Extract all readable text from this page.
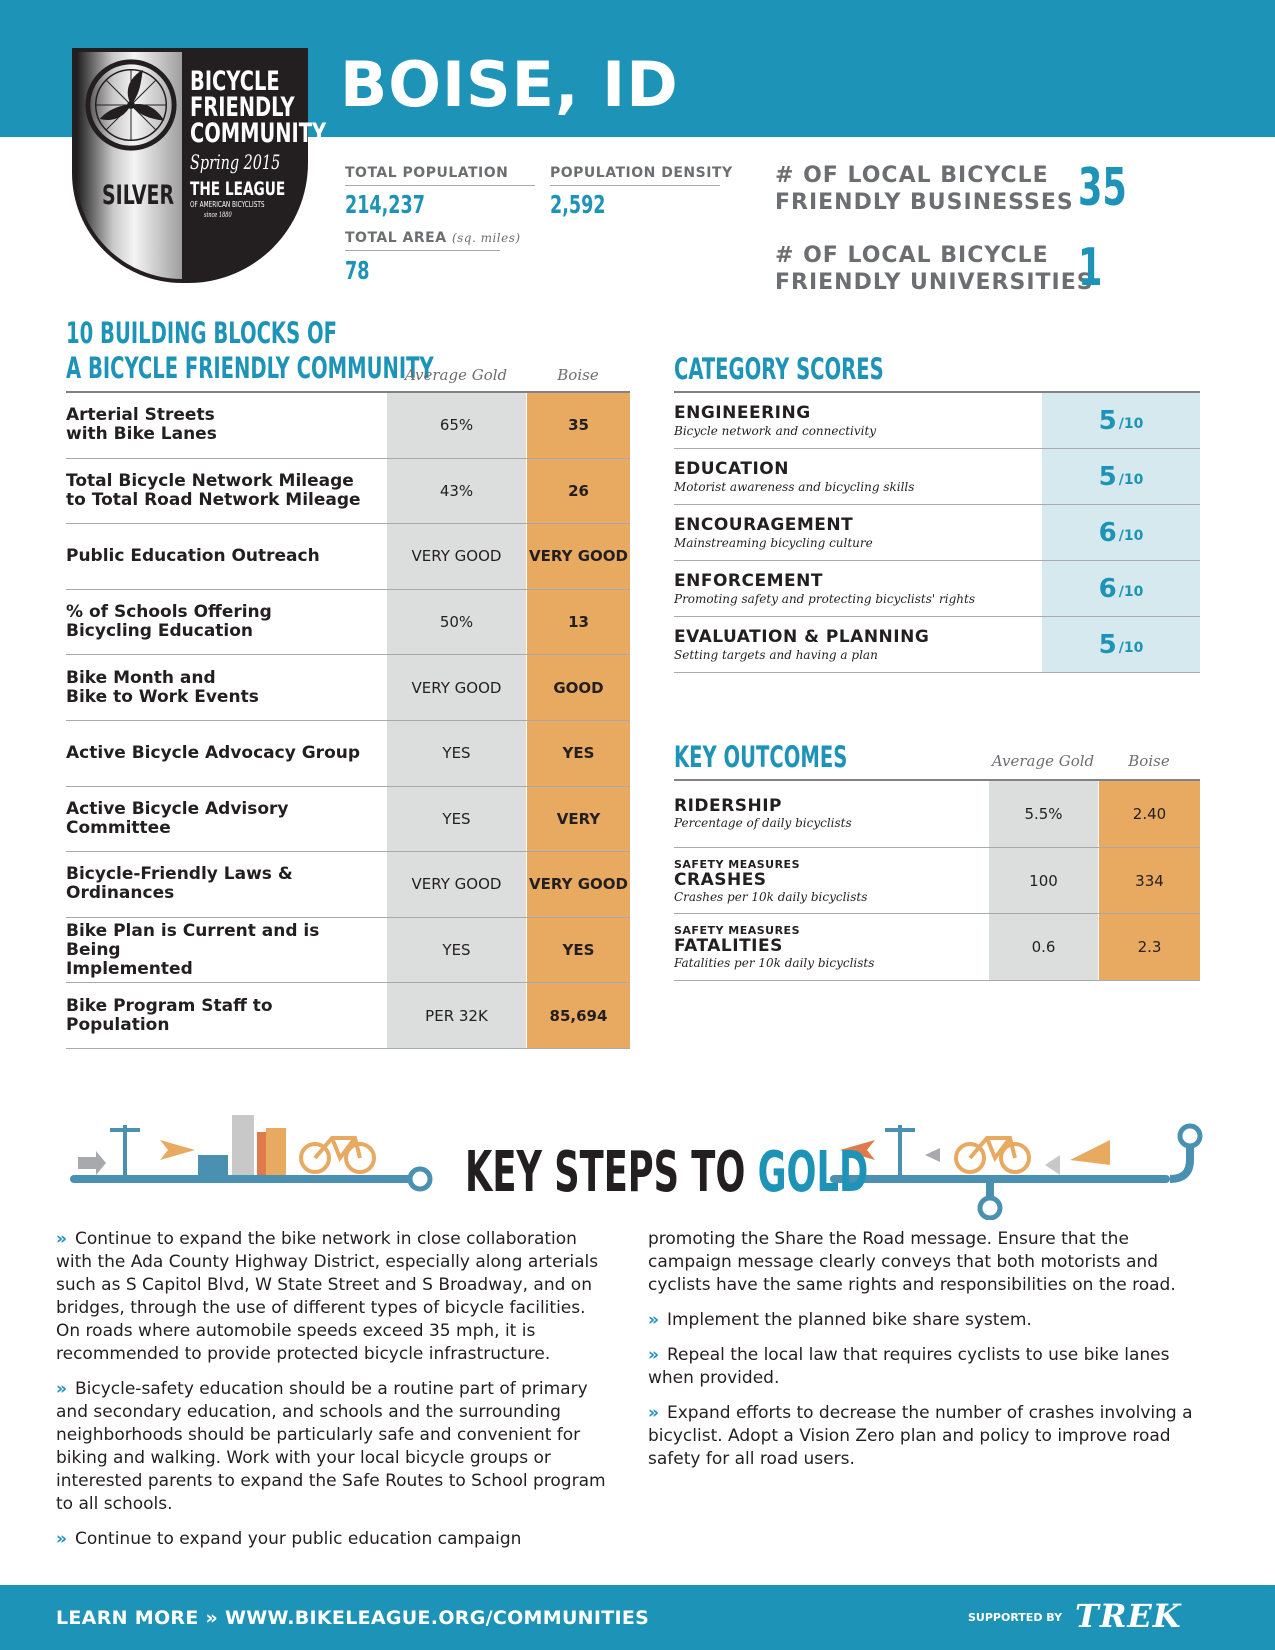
BOISE, ID
SILVER
BICYCLE
FRIENDLY
COMMUNITY
Spring 2015
THE LEAGUE
OF AMERICAN BICYCLISTS
since 1880
TOTAL POPULATION
214,237
POPULATION DENSITY
2,592
TOTAL AREA (sq. miles)
78
# OF LOCAL BICYCLE
FRIENDLY BUSINESSES 35
# OF LOCAL BICYCLE
FRIENDLY UNIVERSITIES
1
10 BUILDING BLOCKS OF
A BICYCLE FRIENDLY COMMUNITY
Average Gold	Boise
Arterial Streets
with Bike Lanes	65%	35
Total Bicycle Network Mileage
to Total Road Network Mileage	43%	26
Public Education Outreach	VERY GOOD	VERY GOOD
% of Schools Offering
Bicycling Education	50%	13
Bike Month and
Bike to Work Events	VERY GOOD	GOOD
Active Bicycle Advocacy Group	YES	YES
Active Bicycle Advisory Committee	YES	VERY
Bicycle-Friendly Laws & Ordinances	VERY GOOD	VERY GOOD
Bike Plan is Current and is Being
Implemented
YES	YES
Bike Program Staff to Population	PER 32K	85,694
CATEGORY SCORES
ENGINEERING
Bicycle network and connectivity	5 /10
EDUCATION
Motorist awareness and bicycling skills	5 /10
ENCOURAGEMENT
Mainstreaming bicycling culture	6 /10
ENFORCEMENT
Promoting safety and protecting bicyclists' rights	6 /10
EVALUATION & PLANNING
Setting targets and having a plan	5 /10
KEY OUTCOMES	Average Gold	Boise
RIDERSHIP
Percentage of daily bicyclists
5.5%	2.40
SAFETY MEASURES
CRASHES
Crashes per 10k daily bicyclists
100	334
SAFETY MEASURES
FATALITIES
Fatalities per 10k daily bicyclists
0.6	2.3
KEY STEPS TO GOLD

» Continue to expand the bike network in close collaboration with the Ada County Highway District, especially along arterials such as S Capitol Blvd, W State Street and S Broadway, and on bridges, through the use of different types of bicycle facilities. On roads where automobile speeds exceed 35 mph, it is recommended to provide protected bicycle infrastructure.

» Bicycle-safety education should be a routine part of primary and secondary education, and schools and the surrounding neighborhoods should be particularly safe and convenient for biking and walking. Work with your local bicycle groups or interested parents to expand the Safe Routes to School program to all schools.

» Continue to expand your public education campaign

promoting the Share the Road message. Ensure that the campaign message clearly conveys that both motorists and cyclists have the same rights and responsibilities on the road.

» Implement the planned bike share system.

» Repeal the local law that requires cyclists to use bike lanes when provided.

» Expand efforts to decrease the number of crashes involving a bicyclist. Adopt a Vision Zero plan and policy to improve road safety for all road users.

LEARN MORE » WWW.BIKELEAGUE.ORG/COMMUNITIES	SUPPORTED BY TREK
